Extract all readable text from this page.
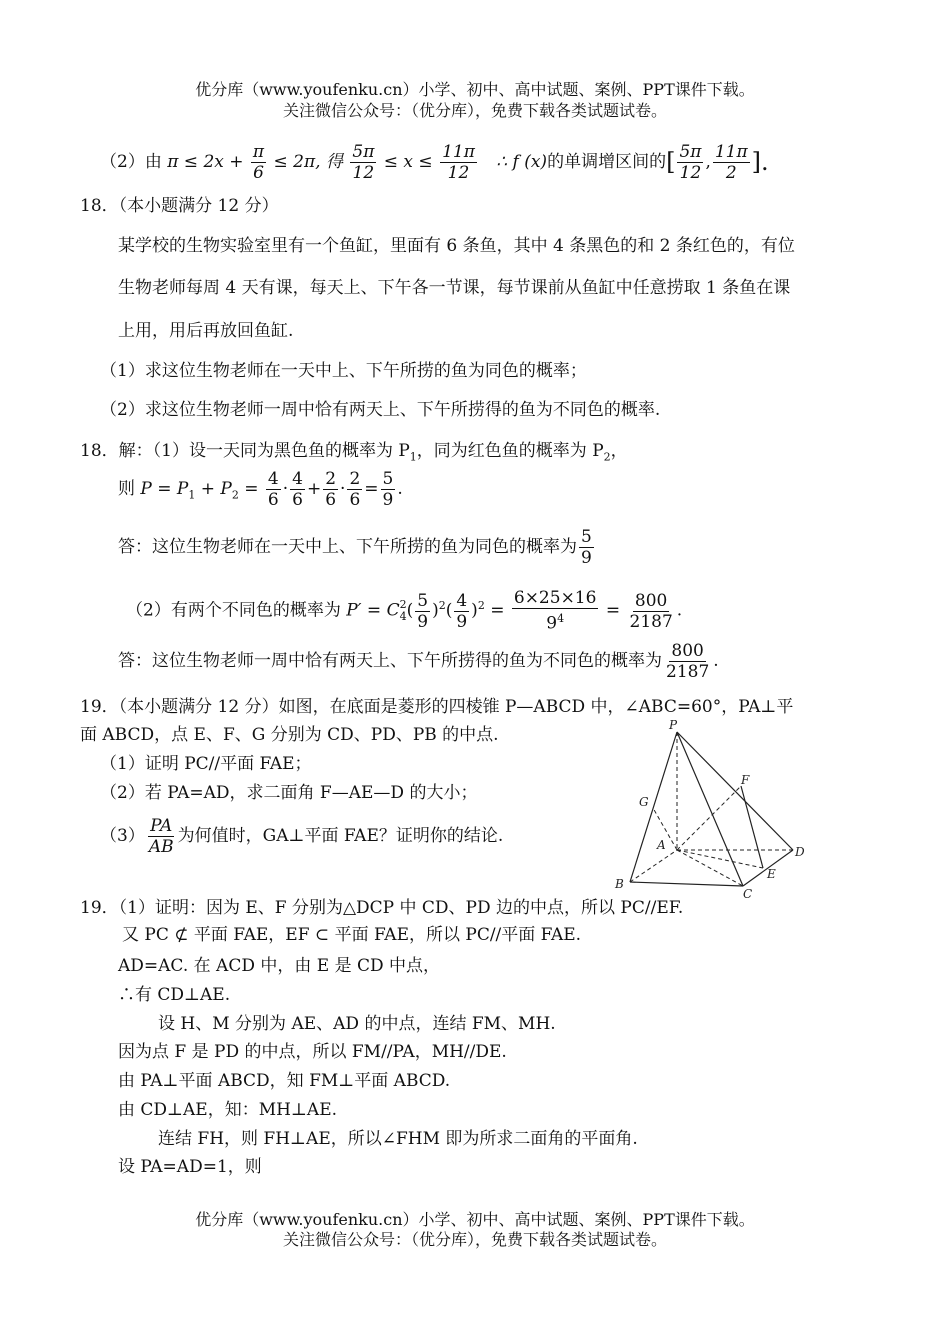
优分库（www.youfenku.cn）小学、初中、高中试题、案例、PPT课件下载。
关注微信公众号：（优分库），免费下载各类试题试卷。
（2）由 $\pi \le 2x + \frac{\pi}{6} \le 2\pi$, 得 $\frac{5\pi}{12} \le x \le \frac{11\pi}{12}$ ∴ f (x)的单调增区间的[ $\frac{5\pi}{12}$ , $\frac{11\pi}{2}$ ].
18．（本小题满分 12 分）
某学校的生物实验室里有一个鱼缸，里面有 6 条鱼，其中 4 条黑色的和 2 条红色的，有位
生物老师每周 4 天有课，每天上、下午各一节课，每节课前从鱼缸中任意捞取 1 条鱼在课
上用，用后再放回鱼缸.
（1）求这位生物老师在一天中上、下午所捞的鱼为同色的概率；
（2）求这位生物老师一周中恰有两天上、下午所捞得的鱼为不同色的概率.
18．解：（1）设一天同为黑色鱼的概率为 $P_1$，同为红色鱼的概率为 $P_2$，
则 $P = P_1 + P_2 = \frac{4}{6} \cdot \frac{4}{6} + \frac{2}{6} \cdot \frac{2}{6} = \frac{5}{9}$ .
答：这位生物老师在一天中上、下午所捞的鱼为同色的概率为 $\frac{5}{9}$
（2）有两个不同色的概率为 P′ = C 2
4 ( $\frac{5}{9} )^2( \frac{4}{9} )^2 = \frac{6\times 25\times 16}{9^4} = \frac{800}{2187}$ .
答：这位生物老师一周中恰有两天上、下午所捞得的鱼为不同色的概率为 $\frac{800}{2187}$ .
19．（本小题满分 12 分）如图，在底面是菱形的四棱锥 P—ABCD 中，∠ABC=60°，PA⊥平
面 ABCD，点 E、F、G 分别为 CD、PD、PB 的中点.
（1）证明 PC//平面 FAE；
（2）若 PA=AD，求二面角 F—AE—D 的大小；
$(3) \frac{PA}{AB}$ 为何值时，GA⊥平面 FAE？证明你的结论.
P
G
F
A
B
C
D
E
19．（1）证明：因为 E、F 分别为△DCP 中 CD、PD 边的中点，所以 PC//EF.
又 PC ⊄ 平面 FAE，EF ⊂ 平面 FAE，所以 PC//平面 FAE.
AD=AC. 在 ACD 中，由 E 是 CD 中点，
∴有 CD⊥AE.
设 H、M 分别为 AE、AD 的中点，连结 FM、MH.
因为点 F 是 PD 的中点，所以 FM//PA，MH//DE.
由 PA⊥平面 ABCD，知 FM⊥平面 ABCD.
由 CD⊥AE，知：MH⊥AE.
连结 FH，则 FH⊥AE，所以∠FHM 即为所求二面角的平面角.
设 PA=AD=1，则
优分库（www.youfenku.cn）小学、初中、高中试题、案例、PPT课件下载。
关注微信公众号：（优分库），免费下载各类试题试卷。
